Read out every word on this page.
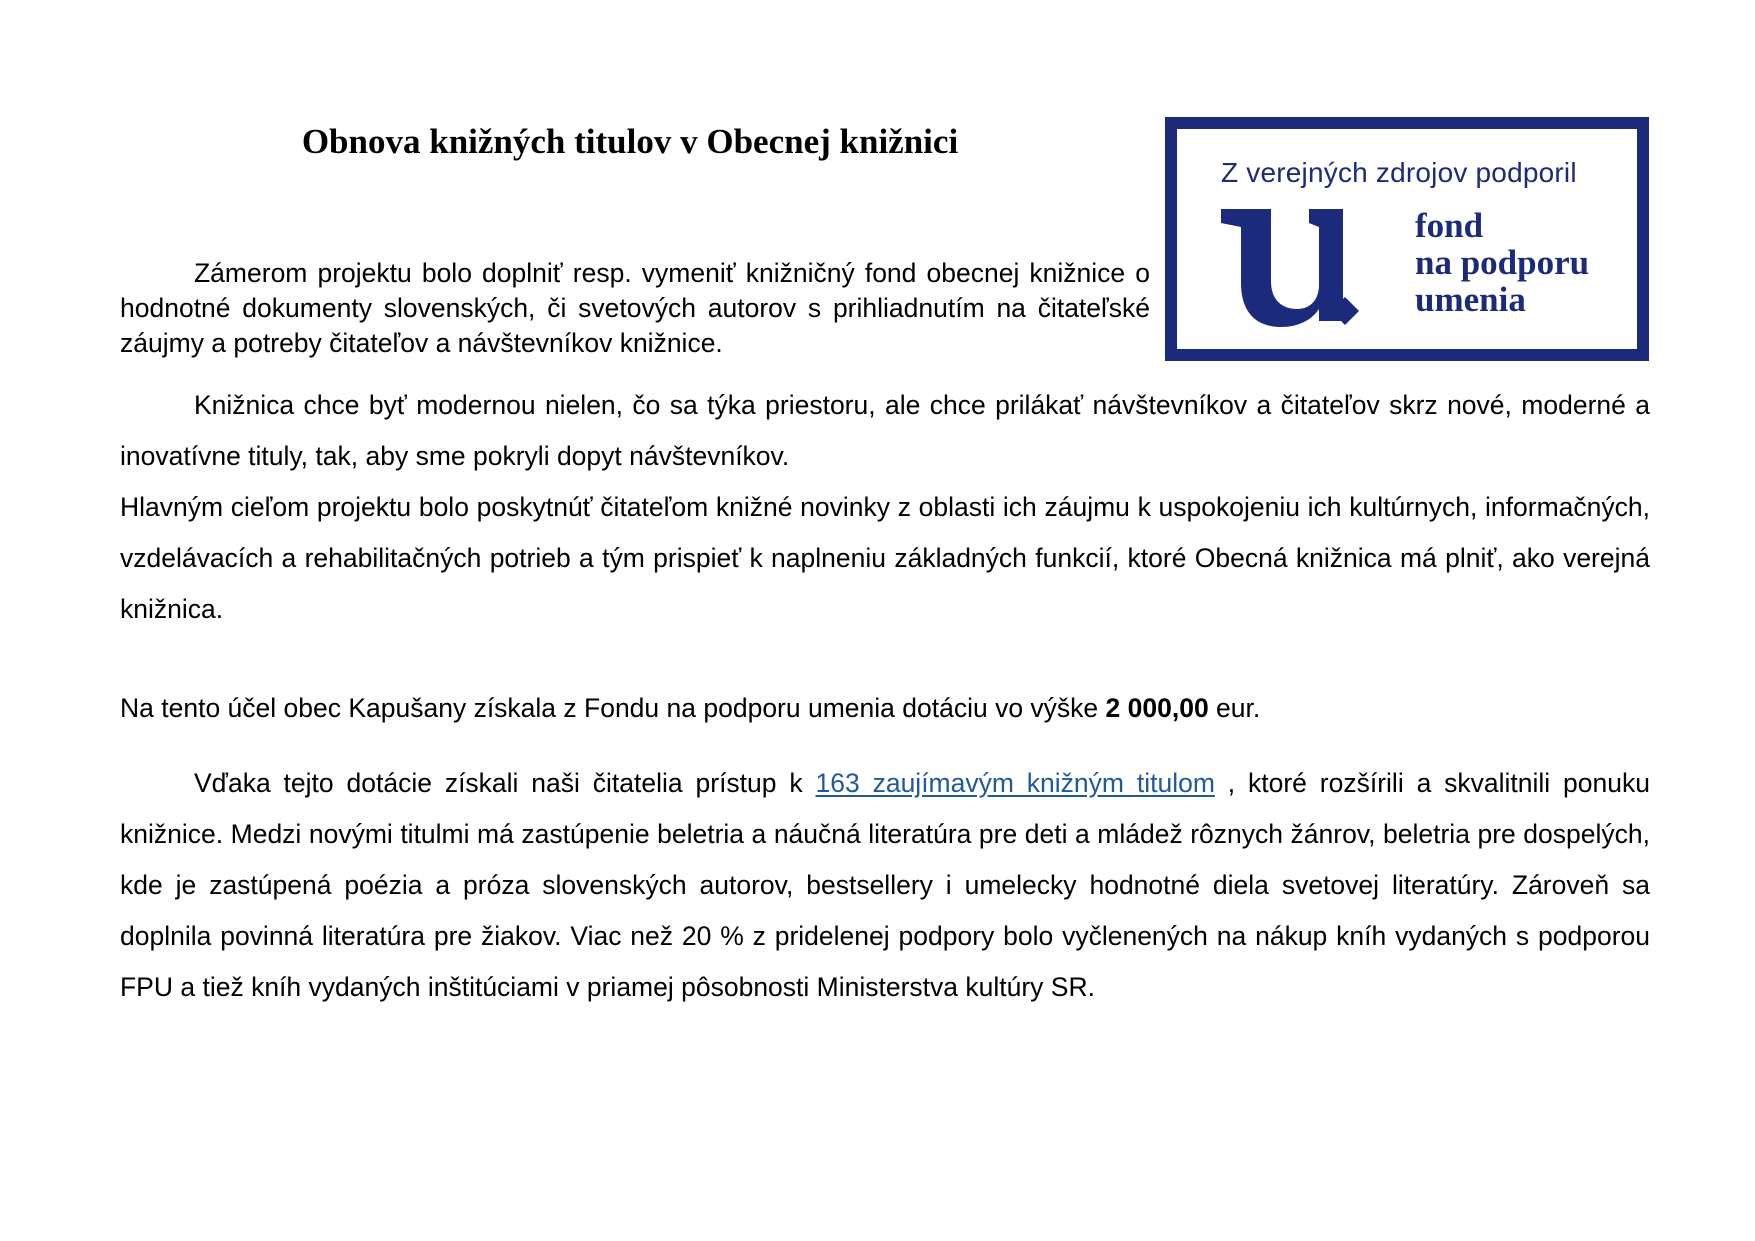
Obnova knižných titulov v Obecnej knižnici
Z verejných zdrojov podporil
fond
na podporu
umenia

Zámerom projektu bolo doplniť resp. vymeniť knižničný fond obecnej knižnice o hodnotné dokumenty slovenských, či svetových autorov s prihliadnutím na čitateľské záujmy a potreby čitateľov a návštevníkov knižnice.

Knižnica chce byť modernou nielen, čo sa týka priestoru, ale chce prilákať návštevníkov a čitateľov skrz nové, moderné a inovatívne tituly, tak, aby sme pokryli dopyt návštevníkov.
Hlavným cieľom projektu bolo poskytnúť čitateľom knižné novinky z oblasti ich záujmu k uspokojeniu ich kultúrnych, informačných, vzdelávacích a rehabilitačných potrieb a tým prispieť k naplneniu základných funkcií, ktoré Obecná knižnica má plniť, ako verejná knižnica.

Na tento účel obec Kapušany získala z Fondu na podporu umenia dotáciu vo výške 2 000,00 eur.

Vďaka tejto dotácie získali naši čitatelia prístup k 163 zaujímavým knižným titulom , ktoré rozšírili a skvalitnili ponuku knižnice. Medzi novými titulmi má zastúpenie beletria a náučná literatúra pre deti a mládež rôznych žánrov, beletria pre dospelých, kde je zastúpená poézia a próza slovenských autorov, bestsellery i umelecky hodnotné diela svetovej literatúry. Zároveň sa doplnila povinná literatúra pre žiakov. Viac než 20 % z pridelenej podpory bolo vyčlenených na nákup kníh vydaných s podporou FPU a tiež kníh vydaných inštitúciami v priamej pôsobnosti Ministerstva kultúry SR.
